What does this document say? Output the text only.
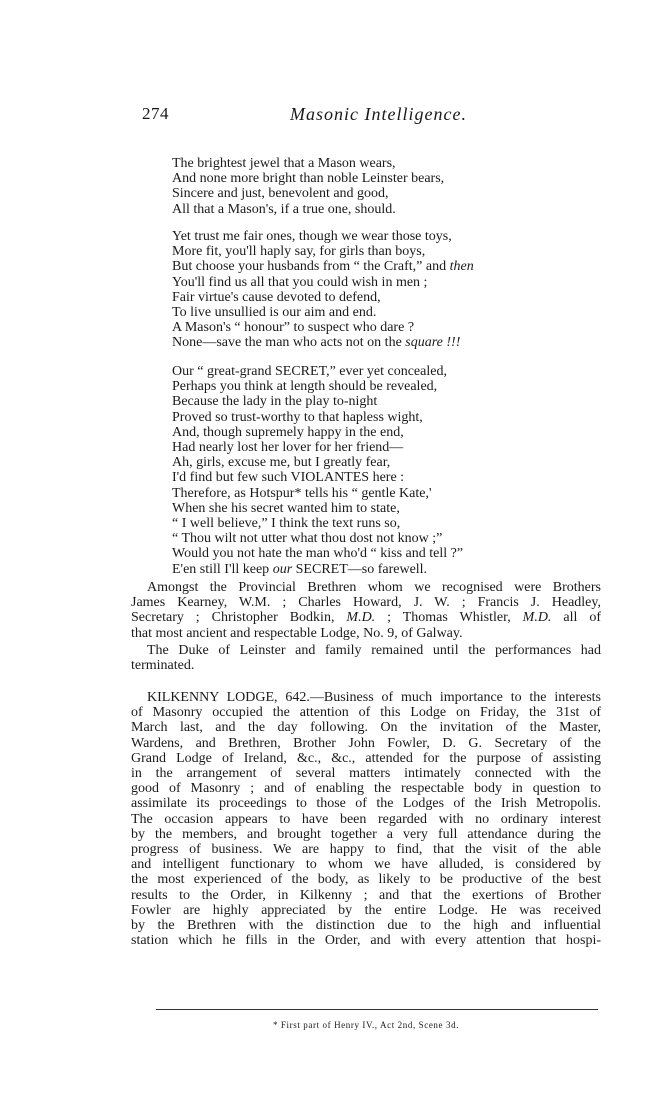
274	Masonic Intelligence.
The brightest jewel that a Mason wears,
And none more bright than noble Leinster bears,
Sincere and just, benevolent and good,
All that a Mason's, if a true one, should.
Yet trust me fair ones, though we wear those toys,
More fit, you'll haply say, for girls than boys,
But choose your husbands from “ the Craft,” and then
You'll find us all that you could wish in men ;
Fair virtue's cause devoted to defend,
To live unsullied is our aim and end.
A Mason's “ honour” to suspect who dare ?
None—save the man who acts not on the square !!!
Our “ great-grand SECRET,” ever yet concealed,
Perhaps you think at length should be revealed,
Because the lady in the play to-night
Proved so trust-worthy to that hapless wight,
And, though supremely happy in the end,
Had nearly lost her lover for her friend—
Ah, girls, excuse me, but I greatly fear,
I'd find but few such VIOLANTES here :
Therefore, as Hotspur* tells his “ gentle Kate,'
When she his secret wanted him to state,
“ I well believe,” I think the text runs so,
“ Thou wilt not utter what thou dost not know ;”
Would you not hate the man who'd “ kiss and tell ?”
E'en still I'll keep our SECRET—so farewell.
Amongst the Provincial Brethren whom we recognised were Brothers
James Kearney, W.M. ; Charles Howard, J. W. ; Francis J. Headley,
Secretary ; Christopher Bodkin, M.D. ; Thomas Whistler, M.D. all of
that most ancient and respectable Lodge, No. 9, of Galway.
The Duke of Leinster and family remained until the performances had
terminated.
KILKENNY LODGE, 642.—Business of much importance to the interests
of Masonry occupied the attention of this Lodge on Friday, the 31st of
March last, and the day following. On the invitation of the Master,
Wardens, and Brethren, Brother John Fowler, D. G. Secretary of the
Grand Lodge of Ireland, &c., &c., attended for the purpose of assisting
in the arrangement of several matters intimately connected with the
good of Masonry ; and of enabling the respectable body in question to
assimilate its proceedings to those of the Lodges of the Irish Metropolis.
The occasion appears to have been regarded with no ordinary interest
by the members, and brought together a very full attendance during the
progress of business. We are happy to find, that the visit of the able
and intelligent functionary to whom we have alluded, is considered by
the most experienced of the body, as likely to be productive of the best
results to the Order, in Kilkenny ; and that the exertions of Brother
Fowler are highly appreciated by the entire Lodge. He was received
by the Brethren with the distinction due to the high and influential
station which he fills in the Order, and with every attention that hospi-
* First part of Henry IV., Act 2nd, Scene 3d.
